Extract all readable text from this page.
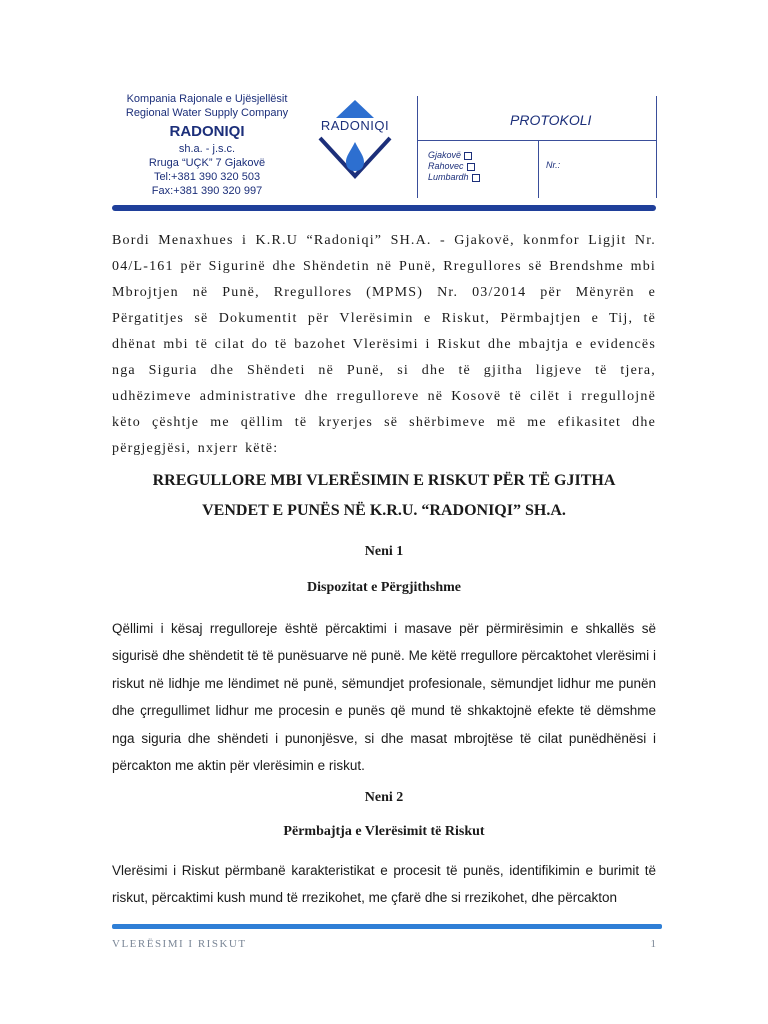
Kompania Rajonale e Ujësjellësit
Regional Water Supply Company
RADONIQI
sh.a. - j.s.c.
Rruga “UÇK” 7 Gjakovë
Tel:+381 390 320 503
Fax:+381 390 320 997
RADONIQI	PROTOKOLI
Gjakovë
Rahovec
Lumbardh
Nr.:

Bordi Menaxhues i K.R.U “Radoniqi” SH.A. - Gjakovë, konmfor Ligjit Nr. 04/L-161 për Sigurinë dhe Shëndetin në Punë, Rregullores së Brendshme mbi Mbrojtjen në Punë, Rregullores (MPMS) Nr. 03/2014 për Mënyrën e Përgatitjes së Dokumentit për Vlerësimin e Riskut, Përmbajtjen e Tij, të dhënat mbi të cilat do të bazohet Vlerësimi i Riskut dhe mbajtja e evidencës nga Siguria dhe Shëndeti në Punë, si dhe të gjitha ligjeve të tjera, udhëzimeve administrative dhe rregulloreve në Kosovë të cilët i rregullojnë këto çështje me qëllim të kryerjes së shërbimeve më me efikasitet dhe përgjegjësi, nxjerr këtë:

RREGULLORE MBI VLERËSIMIN E RISKUT PËR TË GJITHA
VENDET E PUNËS NË K.R.U. “RADONIQI” SH.A.
Neni 1
Dispozitat e Përgjithshme

Qëllimi i kësaj rregulloreje është përcaktimi i masave për përmirësimin e shkallës së sigurisë dhe shëndetit të të punësuarve në punë. Me këtë rregullore përcaktohet vlerësimi i riskut në lidhje me lëndimet në punë, sëmundjet profesionale, sëmundjet lidhur me punën dhe çrregullimet lidhur me procesin e punës që mund të shkaktojnë efekte të dëmshme nga siguria dhe shëndeti i punonjësve, si dhe masat mbrojtëse të cilat punëdhënësi i përcakton me aktin për vlerësimin e riskut.

Neni 2
Përmbajtja e Vlerësimit të Riskut

Vlerësimi i Riskut përmbanë karakteristikat e procesit të punës, identifikimin e burimit të riskut, përcaktimi kush mund të rrezikohet, me çfarë dhe si rrezikohet, dhe përcakton

VLERËSIMI I RISKUT	1
